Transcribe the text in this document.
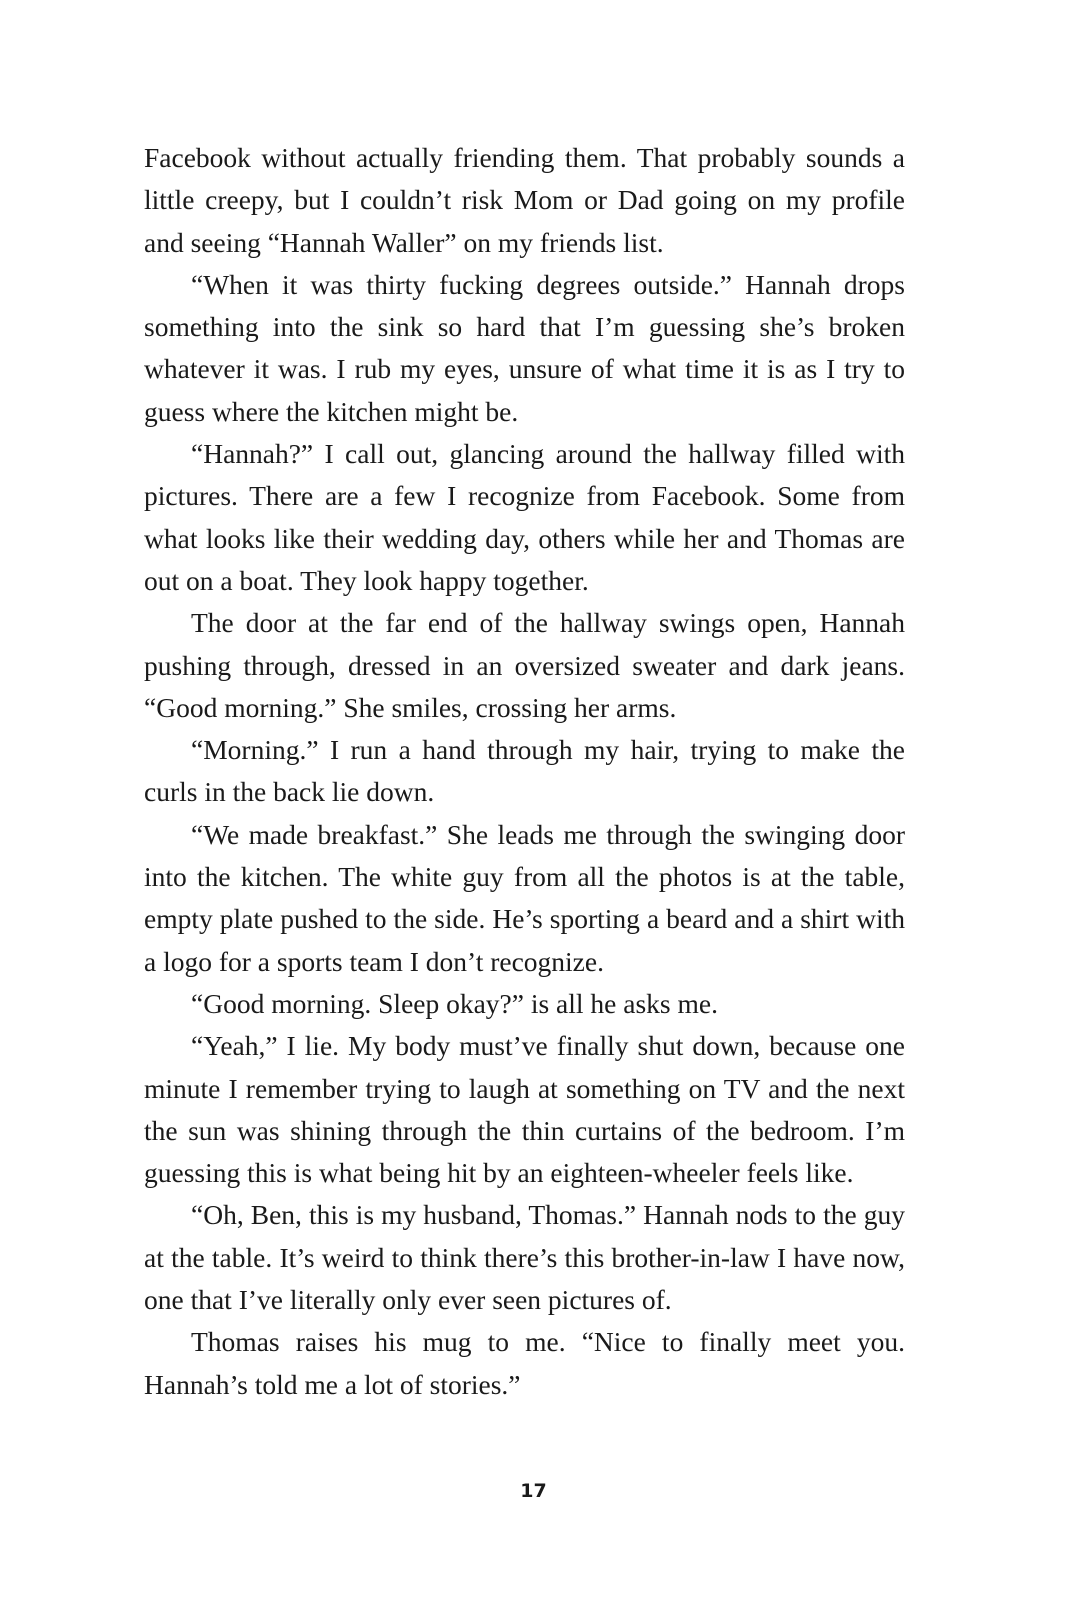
Facebook without actually friending them. That probably sounds a little creepy, but I couldn’t risk Mom or Dad going on my profile and seeing “Hannah Waller” on my friends list.

“When it was thirty fucking degrees outside.” Hannah drops something into the sink so hard that I’m guessing she’s broken whatever it was. I rub my eyes, unsure of what time it is as I try to guess where the kitchen might be.

“Hannah?” I call out, glancing around the hallway filled with pictures. There are a few I recognize from Facebook. Some from what looks like their wedding day, others while her and Thomas are out on a boat. They look happy together.

The door at the far end of the hallway swings open, Hannah pushing through, dressed in an oversized sweater and dark jeans. “Good morning.” She smiles, crossing her arms.

“Morning.” I run a hand through my hair, trying to make the curls in the back lie down.

“We made breakfast.” She leads me through the swinging door into the kitchen. The white guy from all the photos is at the table, empty plate pushed to the side. He’s sporting a beard and a shirt with a logo for a sports team I don’t recognize.

“Good morning. Sleep okay?” is all he asks me.

“Yeah,” I lie. My body must’ve finally shut down, because one minute I remember trying to laugh at something on TV and the next the sun was shining through the thin curtains of the bedroom. I’m guessing this is what being hit by an eighteen-wheeler feels like.

“Oh, Ben, this is my husband, Thomas.” Hannah nods to the guy at the table. It’s weird to think there’s this brother-in-law I have now, one that I’ve literally only ever seen pictures of.

Thomas raises his mug to me. “Nice to finally meet you. Hannah’s told me a lot of stories.”

17
